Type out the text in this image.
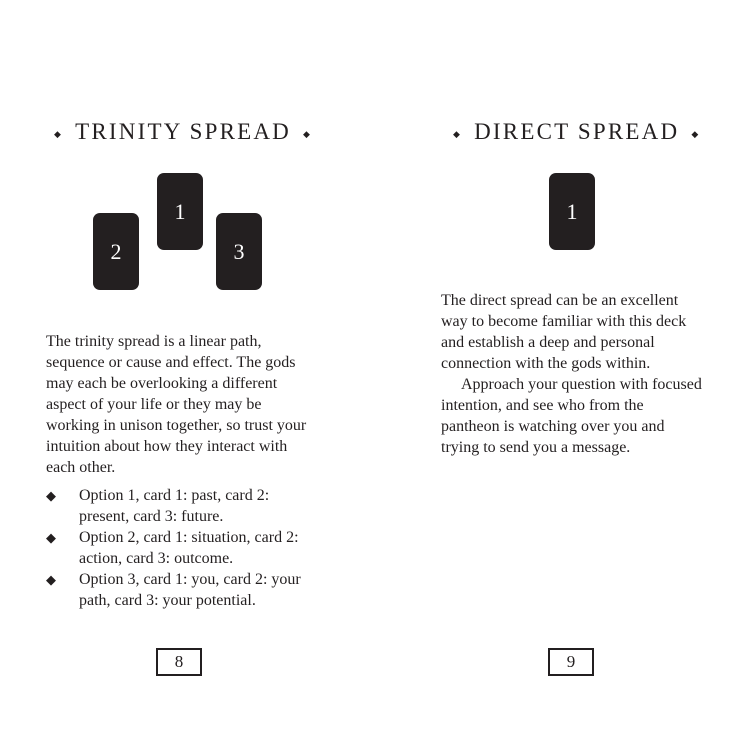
◆ TRINITY SPREAD ◆
1
2	3

The trinity spread is a linear path, sequence or cause and effect. The gods may each be overlooking a different aspect of your life or they may be working in unison together, so trust your intuition about how they interact with each other.

◆ Option 1, card 1: past, card 2: present, card 3: future.
◆ Option 2, card 1: situation, card 2: action, card 3: outcome.
◆ Option 3, card 1: you, card 2: your path, card 3: your potential.
8
◆ DIRECT SPREAD ◆
1

The direct spread can be an excellent way to become familiar with this deck and establish a deep and personal connection with the gods within.

Approach your question with focused intention, and see who from the pantheon is watching over you and trying to send you a message.

9
